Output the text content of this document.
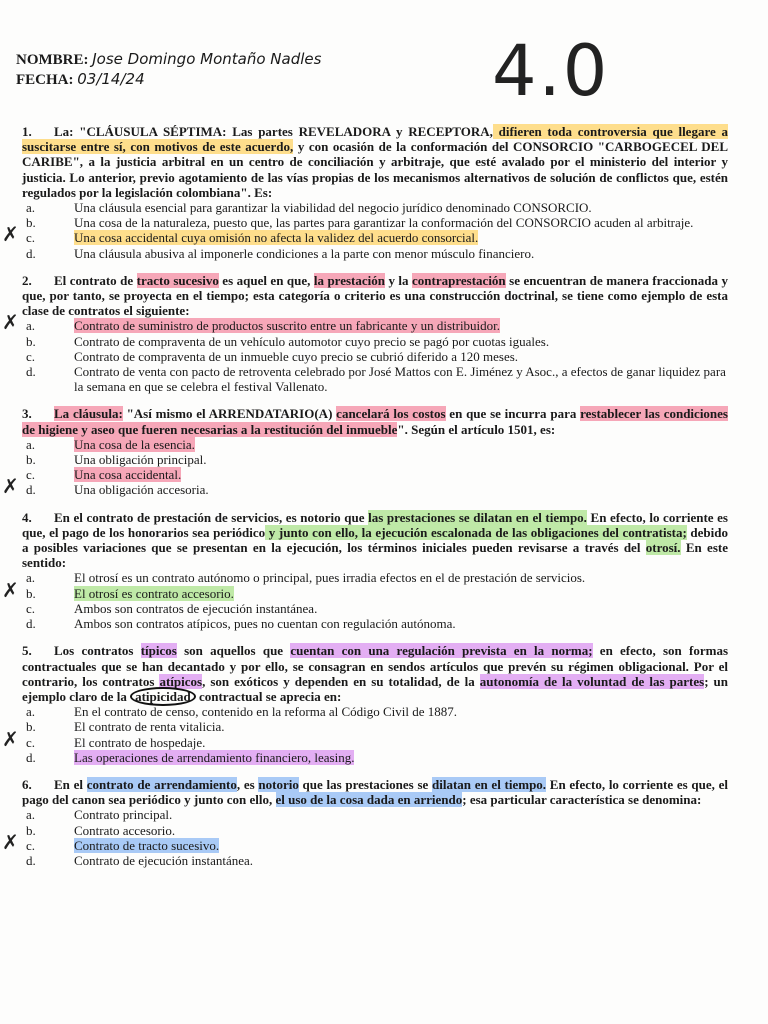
NOMBRE: Jose Domingo Montaño Nadles
FECHA: 03/14/24	4.0
1. La: "CLÁUSULA SÉPTIMA: Las partes REVELADORA y RECEPTORA, difieren toda controversia que llegare a suscitarse entre sí, con motivos de este acuerdo, y con ocasión de la conformación del CONSORCIO "CARBOGECEL DEL CARIBE", a la justicia arbitral en un centro de conciliación y arbitraje, que esté avalado por el ministerio del interior y justicia. Lo anterior, previo agotamiento de las vías propias de los mecanismos alternativos de solución de conflictos que, estén regulados por la legislación colombiana". Es:
a.	Una cláusula esencial para garantizar la viabilidad del negocio jurídico denominado CONSORCIO.
b.	Una cosa de la naturaleza, puesto que, las partes para garantizar la conformación del CONSORCIO acuden al arbitraje.
✗ c.	Una cosa accidental cuya omisión no afecta la validez del acuerdo consorcial.
d.	Una cláusula abusiva al imponerle condiciones a la parte con menor músculo financiero.
2. El contrato de tracto sucesivo es aquel en que, la prestación y la contraprestación se encuentran de manera fraccionada y que, por tanto, se proyecta en el tiempo; esta categoría o criterio es una construcción doctrinal, se tiene como ejemplo de esta clase de contratos el siguiente:
✗ a.	Contrato de suministro de productos suscrito entre un fabricante y un distribuidor.
b.	Contrato de compraventa de un vehículo automotor cuyo precio se pagó por cuotas iguales.
c.	Contrato de compraventa de un inmueble cuyo precio se cubrió diferido a 120 meses.
d.	Contrato de venta con pacto de retroventa celebrado por José Mattos con E. Jiménez y Asoc., a efectos de ganar liquidez para la semana en que se celebra el festival Vallenato.
3. La cláusula: "Así mismo el ARRENDATARIO(A) cancelará los costos en que se incurra para restablecer las condiciones de higiene y aseo que fueren necesarias a la restitución del inmueble". Según el artículo 1501, es:
a.	Una cosa de la esencia.
b.	Una obligación principal.
c.	Una cosa accidental.
✗ d.	Una obligación accesoria.
4. En el contrato de prestación de servicios, es notorio que las prestaciones se dilatan en el tiempo. En efecto, lo corriente es que, el pago de los honorarios sea periódico y junto con ello, la ejecución escalonada de las obligaciones del contratista; debido a posibles variaciones que se presentan en la ejecución, los términos iniciales pueden revisarse a través del otrosí. En este sentido:
a.	El otrosí es un contrato autónomo o principal, pues irradia efectos en el de prestación de servicios.
✗ b.	El otrosí es contrato accesorio.
c.	Ambos son contratos de ejecución instantánea.
d.	Ambos son contratos atípicos, pues no cuentan con regulación autónoma.
5. Los contratos típicos son aquellos que cuentan con una regulación prevista en la norma; en efecto, son formas contractuales que se han decantado y por ello, se consagran en sendos artículos que prevén su régimen obligacional. Por el contrario, los contratos atípicos, son exóticos y dependen en su totalidad, de la autonomía de la voluntad de las partes; un ejemplo claro de la atipicidad contractual se aprecia en:
a.	En el contrato de censo, contenido en la reforma al Código Civil de 1887.
b.	El contrato de renta vitalicia.
✗ c.	El contrato de hospedaje.
d.	Las operaciones de arrendamiento financiero, leasing.
6. En el contrato de arrendamiento, es notorio que las prestaciones se dilatan en el tiempo. En efecto, lo corriente es que, el pago del canon sea periódico y junto con ello, el uso de la cosa dada en arriendo; esa particular característica se denomina:
a.	Contrato principal.
b.	Contrato accesorio.
✗ c.	Contrato de tracto sucesivo.
d.	Contrato de ejecución instantánea.
